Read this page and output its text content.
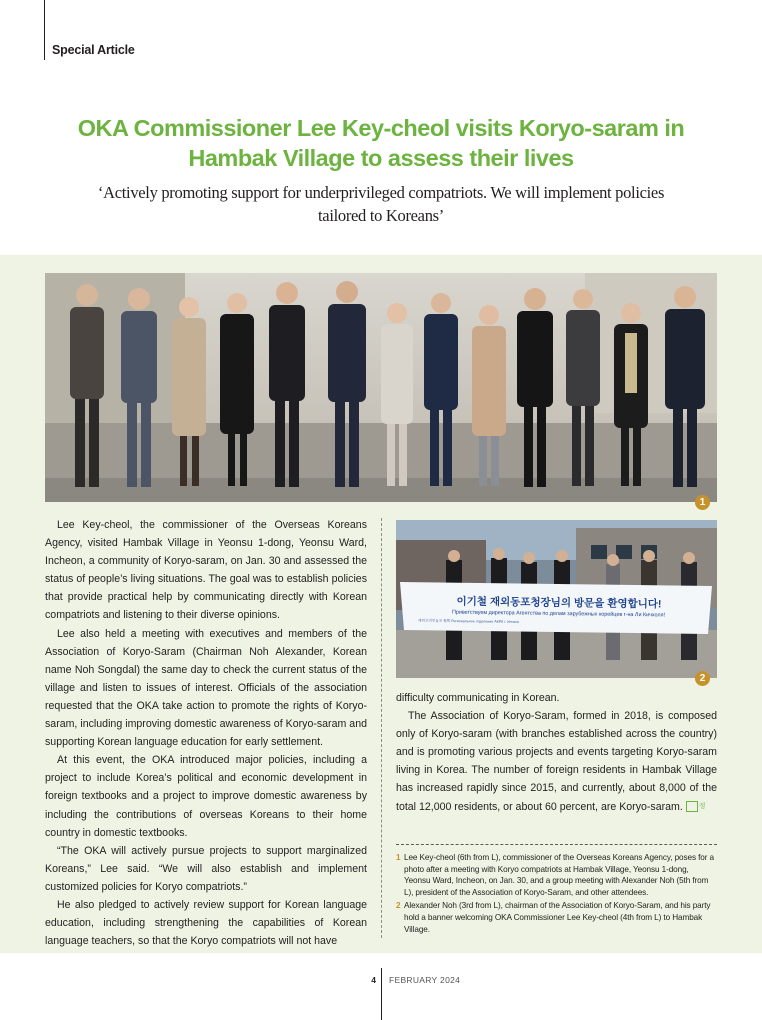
Special Article
OKA Commissioner Lee Key-cheol visits Koryo-saram in
Hambak Village to assess their lives
‘Actively promoting support for underprivileged compatriots. We will implement policies
tailored to Koreans’
1
이기철 재외동포청장님의 방문을 환영합니다!
Приветствуем директора Агентства по делам зарубежных корейцев г-на Ли Кичхоля!
재외고려인동포 협회 Региональное отделение АКРК г. Инчхон
2

Lee Key-cheol, the commissioner of the Overseas Koreans Agency, visited Hambak Village in Yeonsu 1-dong, Yeonsu Ward, Incheon, a community of Koryo-saram, on Jan. 30 and assessed the status of people’s living situations. The goal was to establish policies that provide practical help by communicating directly with Korean compatriots and listening to their diverse opinions.

Lee also held a meeting with executives and members of the Association of Koryo-Saram (Chairman Noh Alexander, Korean name Noh Songdal) the same day to check the current status of the village and listen to issues of interest. Officials of the association requested that the OKA take action to promote the rights of Koryo-saram, including improving domestic awareness of Koryo-saram and supporting Korean language education for early settlement.

At this event, the OKA introduced major policies, including a project to include Korea’s political and economic development in foreign textbooks and a project to improve domestic awareness by including the contributions of overseas Koreans to their home country in domestic textbooks.

“The OKA will actively pursue projects to support marginalized Koreans,” Lee said. “We will also establish and implement customized policies for Koryo compatriots.”

He also pledged to actively review support for Korean language education, including strengthening the capabilities of Korean language teachers, so that the Koryo compatriots will not have

difficulty communicating in Korean.

The Association of Koryo-Saram, formed in 2018, is composed only of Koryo-saram (with branches established across the country) and is promoting various projects and events targeting Koryo-saram living in Korea. The number of foreign residents in Hambak Village has increased rapidly since 2015, and currently, about 8,000 of the total 12,000 residents, or about 60 percent, are Koryo-saram. 정

1 Lee Key-cheol (6th from L), commissioner of the Overseas Koreans Agency, poses for a photo after a meeting with Koryo compatriots at Hambak Village, Yeonsu 1-dong, Yeonsu Ward, Incheon, on Jan. 30, and a group meeting with Alexander Noh (5th from L), president of the Association of Koryo-Saram, and other attendees.
2 Alexander Noh (3rd from L), chairman of the Association of Koryo-Saram, and his party hold a banner welcoming OKA Commissioner Lee Key-cheol (4th from L) to Hambak Village.
4 FEBRUARY 2024
